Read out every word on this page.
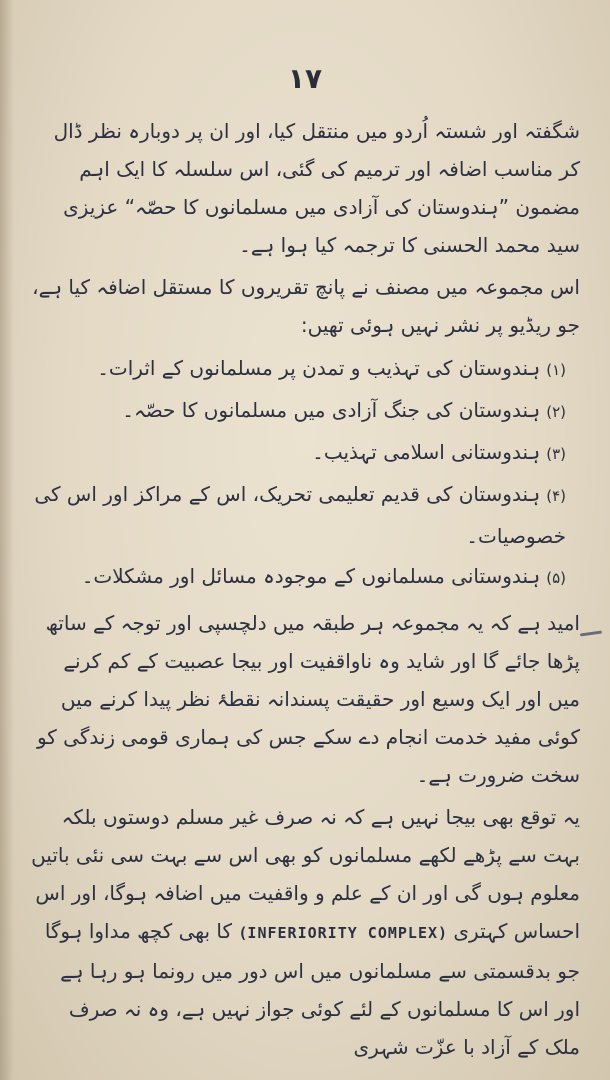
۱۷

شگفتہ اور شستہ اُردو میں منتقل کیا، اور ان پر دوبارہ نظر ڈال کر مناسب اضافہ اور ترمیم کی گئی، اس سلسلہ کا ایک اہم مضمون ”ہندوستان کی آزادی میں مسلمانوں کا حصّہ“ عزیزی سید محمد الحسنی کا ترجمہ کیا ہوا ہے۔

اس مجموعہ میں مصنف نے پانچ تقریروں کا مستقل اضافہ کیا ہے، جو ریڈیو پر نشر نہیں ہوئی تھیں:

(۱)ہندوستان کی تہذیب و تمدن پر مسلمانوں کے اثرات۔
(۲)ہندوستان کی جنگ آزادی میں مسلمانوں کا حصّہ۔
(۳)ہندوستانی اسلامی تہذیب۔
(۴)ہندوستان کی قدیم تعلیمی تحریک، اس کے مراکز اور اس کی خصوصیات۔
(۵)ہندوستانی مسلمانوں کے موجودہ مسائل اور مشکلات۔

امید ہے کہ یہ مجموعہ ہر طبقہ میں دلچسپی اور توجہ کے ساتھ پڑھا جائے گا اور شاید وہ ناواقفیت اور بیجا عصبیت کے کم کرنے میں اور ایک وسیع اور حقیقت پسندانہ نقطۂ نظر پیدا کرنے میں کوئی مفید خدمت انجام دے سکے جس کی ہماری قومی زندگی کو سخت ضرورت ہے۔

یہ توقع بھی بیجا نہیں ہے کہ نہ صرف غیر مسلم دوستوں بلکہ بہت سے پڑھے لکھے مسلمانوں کو بھی اس سے بہت سی نئی باتیں معلوم ہوں گی اور ان کے علم و واقفیت میں اضافہ ہوگا، اور اس احساس کہتری (INFERIORITY COMPLEX) کا بھی کچھ مداوا ہوگا جو بدقسمتی سے مسلمانوں میں اس دور میں رونما ہو رہا ہے اور اس کا مسلمانوں کے لئے کوئی جواز نہیں ہے، وہ نہ صرف ملک کے آزاد با عزّت شہری
